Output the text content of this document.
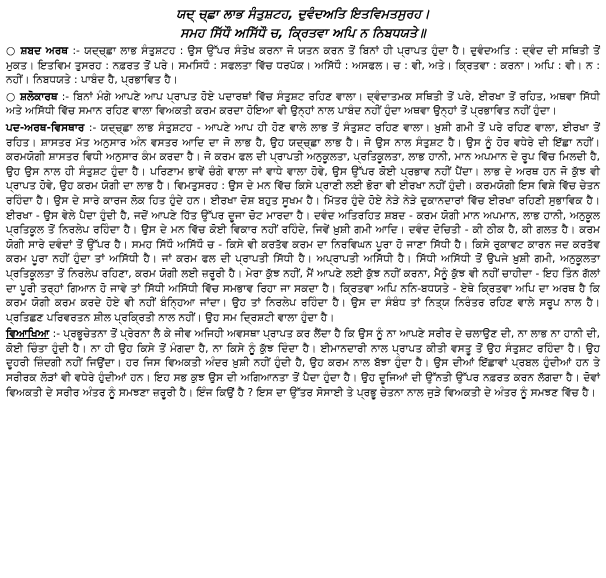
ਯਦ੍ ਚ੍ਛਾ ਲਾਭ ਸੰਤੁਸ਼ਟਹ, ਦੁਵੰਦਅਤਿ ਇਤਵਿਮਤਸੁਰਹ।
ਸਮਹ ਸਿੱਧੌ ਅਸਿੱਧੌ ਚ, ਕ੍ਰਿਤਵਾ ਅਪਿ ਨ ਨਿਬਧਯਤੇ॥

○ ਸ਼ਬਦ ਅਰਥ :- ਯਦ੍ਚ੍ਛਾ ਲਾਭ ਸੰਤੁਸ਼ਟਹ : ਉਸ ਉੱਪਰ ਸੰਤੋਖ ਕਰਨਾ ਜੋ ਯਤਨ ਕਰਨ ਤੋਂ ਬਿਨਾਂ ਹੀ ਪ੍ਰਾਪਤ ਹੁੰਦਾ ਹੈ। ਦੁਵੰਦਅਤਿ : ਦ੍ਵੰਦ ਦੀ ਸਥਿਤੀ ਤੋਂ ਮੁਕਤ। ਇਤਵਿਮ ਤੁਸਰਹ : ਨਫ਼ਰਤ ਤੋਂ ਪਰੇ। ਸਮਸਿਧੌ : ਸਫਲਤਾ ਵਿੱਚ ਧਰਪੱਕ। ਅਸਿੱਧੌ : ਅਸਫਲ। ਚ : ਵੀ, ਅਤੇ। ਕ੍ਰਿਤਵਾ : ਕਰਨਾ। ਅਪਿ : ਵੀ। ਨ : ਨਹੀਂ। ਨਿਬਧਯਤੇ : ਪਾਬੰਦ ਹੈ, ਪ੍ਰਭਾਵਿਤ ਹੈ।

○ ਸ਼ਲੋਕਾਰਥ :- ਬਿਨਾਂ ਮੰਗੇ ਆਪਣੇ ਆਪ ਪ੍ਰਾਪਤ ਹੋਏ ਪਦਾਰਥਾਂ ਵਿੱਚ ਸੰਤੁਸ਼ਟ ਰਹਿਣ ਵਾਲਾ। ਦ੍ਵੰਦਾਤਮਕ ਸਥਿਤੀ ਤੋਂ ਪਰੇ, ਈਰਖਾ ਤੋਂ ਰਹਿਤ, ਅਥਵਾ ਸਿੱਧੀ ਅਤੇ ਅਸਿੱਧੀ ਵਿੱਚ ਸਮਾਨ ਰਹਿਣ ਵਾਲਾ ਵਿਅਕਤੀ ਕਰਮ ਕਰਦਾ ਹੋਇਆ ਵੀ ਉਨ੍ਹਾਂ ਨਾਲ ਪਾਬੰਦ ਨਹੀਂ ਹੁੰਦਾ ਅਥਵਾ ਉਨ੍ਹਾਂ ਤੋਂ ਪ੍ਰਭਾਵਿਤ ਨਹੀਂ ਹੁੰਦਾ।

ਪਦ-ਅਰਥ-ਵਿਸਥਾਰ :- ਯਦ੍ਚ੍ਛਾ ਲਾਭ ਸੰਤੁਸ਼ਟਹ - ਆਪਣੇ ਆਪ ਹੀ ਹੋਣ ਵਾਲੇ ਲਾਭ ਤੋਂ ਸੰਤੁਸ਼ਟ ਰਹਿਣ ਵਾਲਾ। ਖ਼ੁਸ਼ੀ ਗਮੀ ਤੋਂ ਪਰੇ ਰਹਿਣ ਵਾਲਾ, ਈਰਖਾ ਤੋਂ ਰਹਿਤ। ਸ਼ਾਸਤਰ ਮੱਤ ਅਨੁਸਾਰ ਅੰਨ ਵਸਤਰ ਆਦਿ ਦਾ ਜੋ ਲਾਭ ਹੈ, ਉਹ ਯਦ੍ਚ੍ਛਾ ਲਾਭ ਹੈ। ਜੋ ਉਸ ਨਾਲ ਸੰਤੁਸ਼ਟ ਹੈ। ਉਸ ਨੂੰ ਹੋਰ ਵਧੇਰੇ ਦੀ ਇੱਛਾ ਨਹੀਂ। ਕਰਮਯੋਗੀ ਸ਼ਾਸਤਰ ਵਿਧੀ ਅਨੁਸਾਰ ਕੰਮ ਕਰਦਾ ਹੈ। ਜੋ ਕਰਮ ਫਲ ਦੀ ਪ੍ਰਾਪਤੀ ਅਨੁਕੂਲਤਾ, ਪ੍ਰਤਿਕੂਲਤਾ, ਲਾਭ ਹਾਨੀ, ਮਾਨ ਅਪਮਾਨ ਦੇ ਰੂਪ ਵਿੱਚ ਮਿਲਦੀ ਹੈ, ਉਹ ਉਸ ਨਾਲ ਹੀ ਸੰਤੁਸ਼ਟ ਹੁੰਦਾ ਹੈ। ਪਰਿਣਾਮ ਭਾਵੇਂ ਚੰਗੇ ਵਾਲਾ ਜਾਂ ਵਾਧੇ ਵਾਲਾ ਹੋਵੇ, ਉਸ ਉੱਪਰ ਕੋਈ ਪ੍ਰਭਾਵ ਨਹੀਂ ਪੈਂਦਾ। ਲਾਭ ਦੇ ਅਰਥ ਹਨ ਜੋ ਕੁੱਝ ਵੀ ਪ੍ਰਾਪਤ ਹੋਵੇ, ਉਹ ਕਰਮ ਯੋਗੀ ਦਾ ਲਾਭ ਹੈ। ਵਿਮਤੁਸਰਹ : ਉਸ ਦੇ ਮਨ ਵਿੱਚ ਕਿਸੇ ਪ੍ਰਾਣੀ ਲਈ ਭੋਰਾ ਵੀ ਈਰਖਾ ਨਹੀਂ ਹੁੰਦੀ। ਕਰਮਯੋਗੀ ਇਸ ਵਿਸ਼ੇ ਵਿੱਚ ਚੇਤਨ ਰਹਿੰਦਾ ਹੈ। ਉਸ ਦੇ ਸਾਰੇ ਕਾਰਜ ਲੋਕ ਹਿਤ ਹੁੰਦੇ ਹਨ। ਈਰਖਾ ਦੋਸ਼ ਬਹੁਤ ਸੂਖਮ ਹੈ। ਮਿੱਤਰ ਹੁੰਦੇ ਹੋਏ ਨੇੜੇ ਨੇੜੇ ਦੁਕਾਨਦਾਰਾਂ ਵਿੱਚ ਈਰਖਾ ਰਹਿਣੀ ਸੁਭਾਵਿਕ ਹੈ। ਈਰਖਾ - ਉਸ ਵੇਲੇ ਪੈਦਾ ਹੁੰਦੀ ਹੈ, ਜਦੋਂ ਆਪਣੇ ਹਿੱਤ ਉੱਪਰ ਦੂਜਾ ਚੋਟ ਮਾਰਦਾ ਹੈ। ਦਵੰਦ ਅਤਿਰਹਿਤ ਸ਼ਬਦ - ਕਰਮ ਯੋਗੀ ਮਾਨ ਅਪਮਾਨ, ਲਾਭ ਹਾਨੀ, ਅਨੁਕੂਲ ਪ੍ਰਤਿਕੂਲ ਤੋਂ ਨਿਰਲੇਪ ਰਹਿੰਦਾ ਹੈ। ਉਸ ਦੇ ਮਨ ਵਿੱਚ ਕੋਈ ਵਿਕਾਰ ਨਹੀਂ ਰਹਿੰਦੇ, ਜਿਵੇਂ ਖ਼ੁਸ਼ੀ ਗਮੀ ਆਦਿ। ਦਵੰਦ ਦੋਚਿਤੀ - ਕੀ ਠੀਕ ਹੈ, ਕੀ ਗਲਤ ਹੈ। ਕਰਮ ਯੋਗੀ ਸਾਰੇ ਦਵੰਦਾਂ ਤੋਂ ਉੱਪਰ ਹੈ। ਸਮਹ ਸਿੱਧੌ ਅਸਿੱਧੌ ਚ - ਕਿਸੇ ਵੀ ਕਰਤੱਵ ਕਰਮ ਦਾ ਨਿਰਵਿਘਨ ਪੂਰਾ ਹੋ ਜਾਣਾ ਸਿੱਧੀ ਹੈ। ਕਿਸੇ ਰੁਕਾਵਟ ਕਾਰਨ ਜਦ ਕਰਤੱਵ ਕਰਮ ਪੂਰਾ ਨਹੀਂ ਹੁੰਦਾ ਤਾਂ ਅਸਿੱਧੀ ਹੈ। ਜਾਂ ਕਰਮ ਫਲ ਦੀ ਪ੍ਰਾਪਤੀ ਸਿੱਧੀ ਹੈ। ਅਪ੍ਰਾਪਤੀ ਅਸਿੱਧੀ ਹੈ। ਸਿੱਧੀ ਅਸਿੱਧੀ ਤੋਂ ਉਪਜੇ ਖ਼ੁਸ਼ੀ ਗਮੀ, ਅਨੁਕੂਲਤਾ ਪ੍ਰਤਿਕੂਲਤਾ ਤੋਂ ਨਿਰਲੇਪ ਰਹਿਣਾ, ਕਰਮ ਯੋਗੀ ਲਈ ਜ਼ਰੂਰੀ ਹੈ। ਮੇਰਾ ਕੁੱਝ ਨਹੀਂ, ਮੈਂ ਆਪਣੇ ਲਈ ਕੁੱਝ ਨਹੀਂ ਕਰਨਾ, ਮੈਨੂੰ ਕੁੱਝ ਵੀ ਨਹੀਂ ਚਾਹੀਦਾ - ਇਹ ਤਿੰਨ ਗੱਲਾਂ ਦਾ ਪੂਰੀ ਤਰ੍ਹਾਂ ਗਿਆਨ ਹੋ ਜਾਵੇ ਤਾਂ ਸਿੱਧੀ ਅਸਿੱਧੀ ਵਿੱਚ ਸਮਭਾਵ ਰਿਹਾ ਜਾ ਸਕਦਾ ਹੈ। ਕ੍ਰਿਤਵਾ ਅਪਿ ਨਨਿ-ਬਧਯਤੇ - ਏਥੇ ਕ੍ਰਿਤਵਾ ਅਪਿ ਦਾ ਅਰਥ ਹੈ ਕਿ ਕਰਮ ਯੋਗੀ ਕਰਮ ਕਰਦੇ ਹੋਏ ਵੀ ਨਹੀਂ ਬੰਨ੍ਹਿਆ ਜਾਂਦਾ। ਉਹ ਤਾਂ ਨਿਰਲੇਪ ਰਹਿੰਦਾ ਹੈ। ਉਸ ਦਾ ਸੰਬੰਧ ਤਾਂ ਨਿਤ੍ਯ ਨਿਰੰਤਰ ਰਹਿਣ ਵਾਲੇ ਸਰੂਪ ਨਾਲ ਹੈ। ਪ੍ਰਤਿਛਣ ਪਰਿਵਰਤਨ ਸ਼ੀਲ ਪ੍ਰਕ੍ਰਿਤੀ ਨਾਲ ਨਹੀਂ। ਉਹ ਸਮ ਦ੍ਰਿਸ਼ਟੀ ਵਾਲਾ ਹੁੰਦਾ ਹੈ।

ਵਿਆਖਿਆ :- ਪ੍ਰਭੂਚੇਤਨਾ ਤੋਂ ਪ੍ਰੇਰਨਾ ਲੈ ਕੇ ਜੀਵ ਅਜਿਹੀ ਅਵਸਥਾ ਪ੍ਰਾਪਤ ਕਰ ਲੈਂਦਾ ਹੈ ਕਿ ਉਸ ਨੂੰ ਨਾ ਆਪਣੇ ਸਰੀਰ ਦੇ ਚਲਾਉਣ ਦੀ, ਨਾ ਲਾਭ ਨਾ ਹਾਨੀ ਦੀ, ਕੋਈ ਚਿੰਤਾ ਹੁੰਦੀ ਹੈ। ਨਾ ਹੀ ਉਹ ਕਿਸੇ ਤੋਂ ਮੰਗਦਾ ਹੈ, ਨਾ ਕਿਸੇ ਨੂੰ ਕੁੱਝ ਦਿੰਦਾ ਹੈ। ਈਮਾਨਦਾਰੀ ਨਾਲ ਪ੍ਰਾਪਤ ਕੀਤੀ ਵਸਤੂ ਤੋਂ ਉਹ ਸੰਤੁਸ਼ਟ ਰਹਿੰਦਾ ਹੈ। ਉਹ ਦੂਹਰੀ ਜ਼ਿੰਦਗੀ ਨਹੀਂ ਜਿਉਂਦਾ। ਹਰ ਜਿਸ ਵਿਅਕਤੀ ਅੰਦਰ ਖ਼ੁਸ਼ੀ ਨਹੀਂ ਹੁੰਦੀ ਹੈ, ਉਹ ਕਰਮ ਨਾਲ ਬੱਝਾ ਹੁੰਦਾ ਹੈ। ਉਸ ਦੀਆਂ ਇੱਛਾਵਾਂ ਪ੍ਰਬਲ ਹੁੰਦੀਆਂ ਹਨ ਤੇ ਸਰੀਰਕ ਲੋੜਾਂ ਵੀ ਵਧੇਰੇ ਹੁੰਦੀਆਂ ਹਨ। ਇਹ ਸਭ ਕੁਝ ਉਸ ਦੀ ਅਗਿਆਨਤਾ ਤੋਂ ਪੈਦਾ ਹੁੰਦਾ ਹੈ। ਉਹ ਦੂਜਿਆਂ ਦੀ ਉੱਨਤੀ ਉੱਪਰ ਨਫ਼ਰਤ ਕਰਨ ਲੱਗਦਾ ਹੈ। ਦੋਵਾਂ ਵਿਅਕਤੀ ਦੇ ਸਰੀਰ ਅੰਤਰ ਨੂੰ ਸਮਝਣਾ ਜ਼ਰੂਰੀ ਹੈ। ਇੰਜ ਕਿਉਂ ਹੈ ? ਇਸ ਦਾ ਉੱਤਰ ਸੋਸਾਈ ਤੇ ਪ੍ਰਭੂ ਚੇਤਨਾ ਨਾਲ ਜੁੜੇ ਵਿਅਕਤੀ ਦੇ ਅੰਤਰ ਨੂੰ ਸਮਝਣ ਵਿੱਚ ਹੈ।
